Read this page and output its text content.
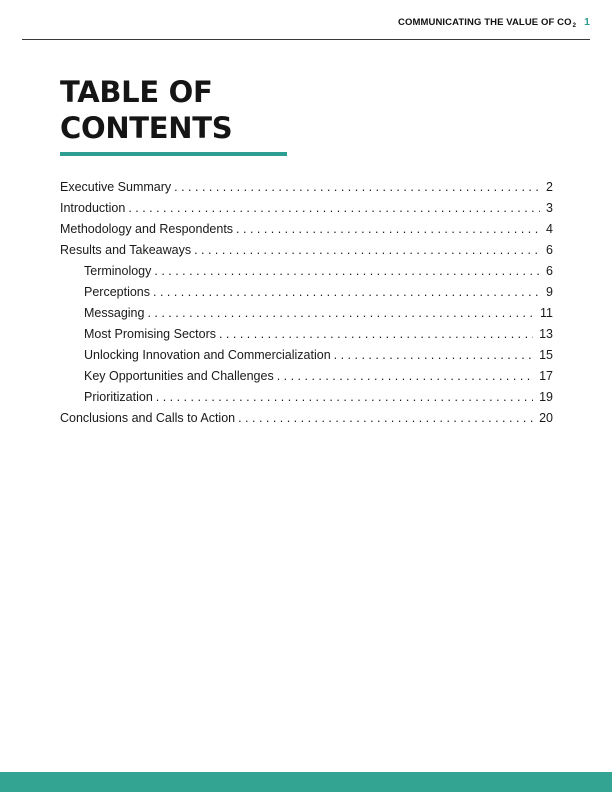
COMMUNICATING THE VALUE OF $CO_2$ 1
TABLE OF
CONTENTS
Executive Summary . . .	2
Introduction . . .	3
Methodology and Respondents . . .	4
Results and Takeaways . . .	6
Terminology . . .	6
Perceptions . . .	9
Messaging . . .	11
Most Promising Sectors . . .	13
Unlocking Innovation and Commercialization . . .	15
Key Opportunities and Challenges . . .	17
Prioritization . . .	19
Conclusions and Calls to Action . . .	20
